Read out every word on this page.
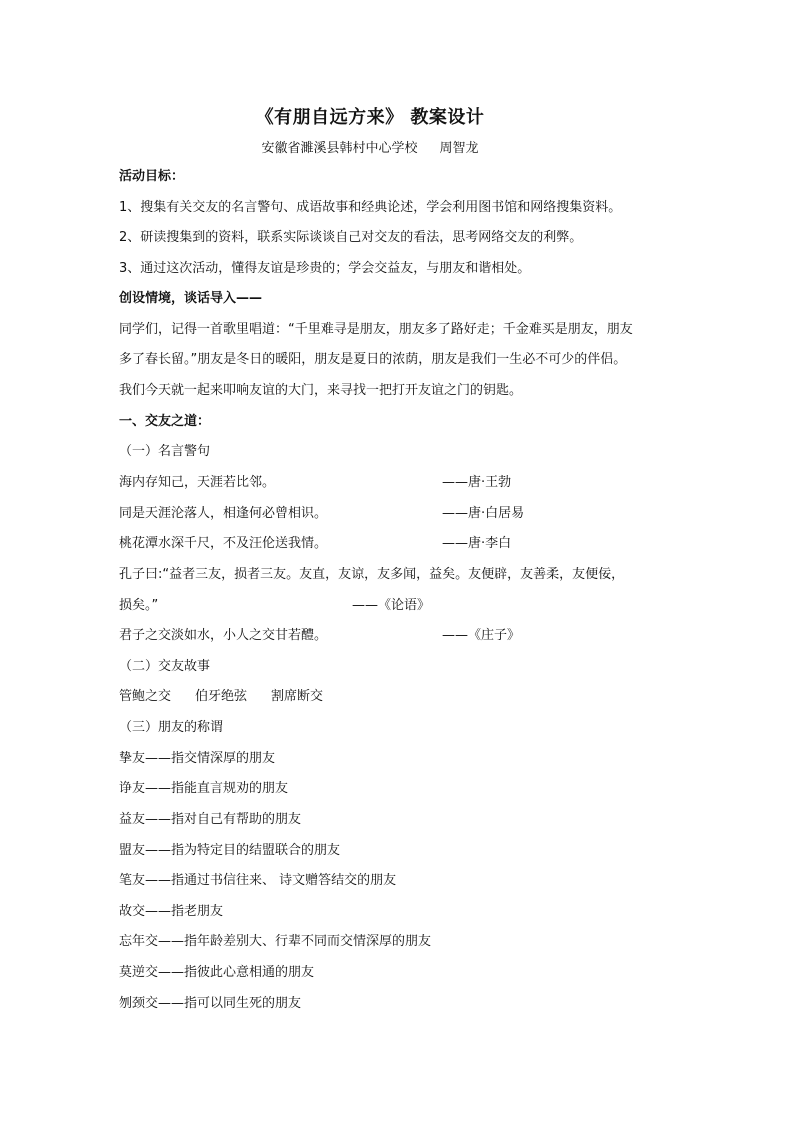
《有朋自远方来》 教案设计
安徽省濉溪县韩村中心学校 周智龙
活动目标：
1、搜集有关交友的名言警句、成语故事和经典论述，学会利用图书馆和网络搜集资料。
2、研读搜集到的资料，联系实际谈谈自己对交友的看法，思考网络交友的利弊。
3、通过这次活动，懂得友谊是珍贵的；学会交益友，与朋友和谐相处。
创设情境，谈话导入——
同学们，记得一首歌里唱道：“千里难寻是朋友，朋友多了路好走；千金难买是朋友，朋友
多了春长留。”朋友是冬日的暖阳，朋友是夏日的浓荫，朋友是我们一生必不可少的伴侣。
我们今天就一起来叩响友谊的大门，来寻找一把打开友谊之门的钥匙。
一、交友之道：
（一）名言警句
海内存知己，天涯若比邻。	——唐·王勃
同是天涯沦落人，相逢何必曾相识。	——唐·白居易
桃花潭水深千尺，不及汪伦送我情。	——唐·李白
孔子曰:“益者三友，损者三友。友直，友谅，友多闻，益矣。友便辟，友善柔，友便佞，
损矣。”	——《论语》
君子之交淡如水，小人之交甘若醴。	——《庄子》
（二）交友故事
管鲍之交 伯牙绝弦 割席断交
（三）朋友的称谓
挚友——指交情深厚的朋友
诤友——指能直言规劝的朋友
益友——指对自己有帮助的朋友
盟友——指为特定目的结盟联合的朋友
笔友——指通过书信往来、 诗文赠答结交的朋友
故交——指老朋友
忘年交——指年龄差别大、行辈不同而交情深厚的朋友
莫逆交——指彼此心意相通的朋友
刎颈交——指可以同生死的朋友
